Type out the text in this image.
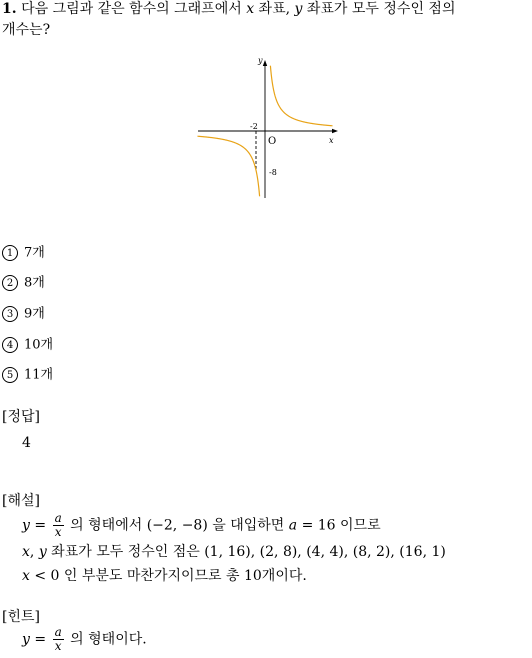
1. 다음 그림과 같은 함수의 그래프에서 x 좌표, y 좌표가 모두 정수인 점의
개수는?
y
x
O
-2
-8
1 7개
2 8개
3 9개
4 10개
5 11개
[정답]
4
[해설]
$y = \frac{a}{x}$ 의 형태에서 (−2, −8) 을 대입하면 a = 16 이므로
x, y 좌표가 모두 정수인 점은 (1, 16), (2, 8), (4, 4), (8, 2), (16, 1)
x < 0 인 부분도 마찬가지이므로 총 10개이다.
[힌트]
$y = \frac{a}{x}$ 의 형태이다.
